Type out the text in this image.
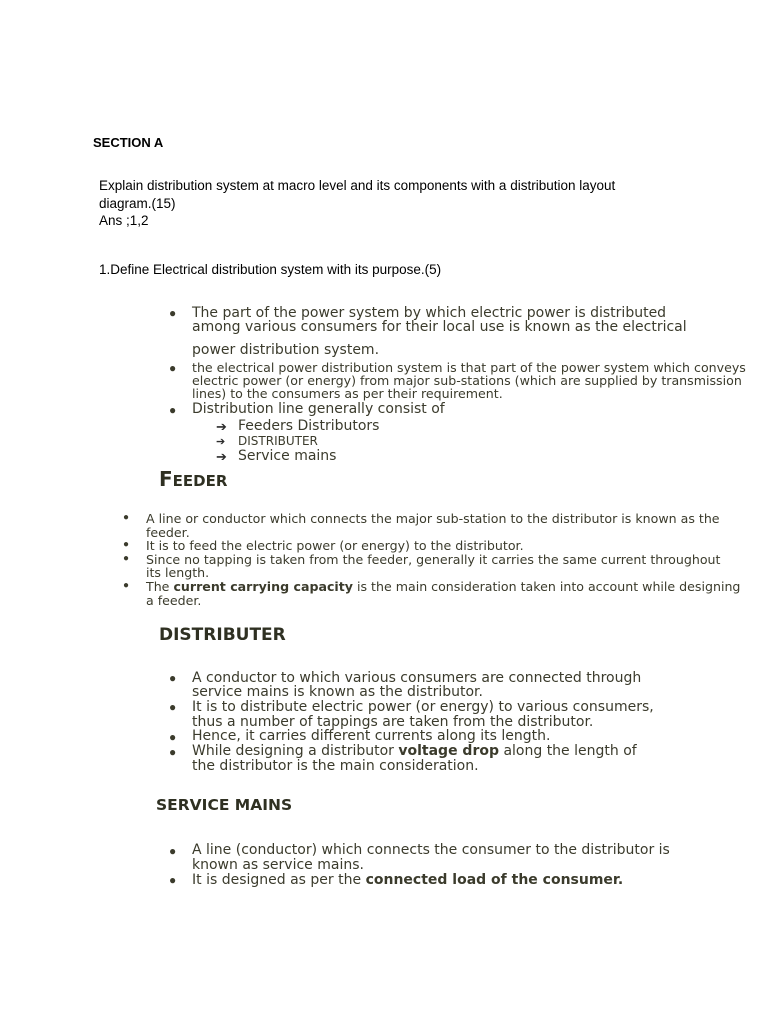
SECTION A
Explain distribution system at macro level and its components with a distribution layout
diagram.(15)
Ans ;1,2
1.Define Electrical distribution system with its purpose.(5)
● The part of the power system by which electric power is distributed
among various consumers for their local use is known as the electrical
power distribution system.
● the electrical power distribution system is that part of the power system which conveys
electric power (or energy) from major sub-stations (which are supplied by transmission
lines) to the consumers as per their requirement.
● Distribution line generally consist of
➔ Feeders Distributors
➔ DISTRIBUTER
➔ Service mains
FEEDER
● A line or conductor which connects the major sub-station to the distributor is known as the
feeder.
● It is to feed the electric power (or energy) to the distributor.
● Since no tapping is taken from the feeder, generally it carries the same current throughout
its length.
● The current carrying capacity is the main consideration taken into account while designing
a feeder.
DISTRIBUTER
● A conductor to which various consumers are connected through
service mains is known as the distributor.
● It is to distribute electric power (or energy) to various consumers,
thus a number of tappings are taken from the distributor.
● Hence, it carries different currents along its length.
● While designing a distributor voltage drop along the length of
the distributor is the main consideration.
SERVICE MAINS
● A line (conductor) which connects the consumer to the distributor is
known as service mains.
● It is designed as per the connected load of the consumer.
